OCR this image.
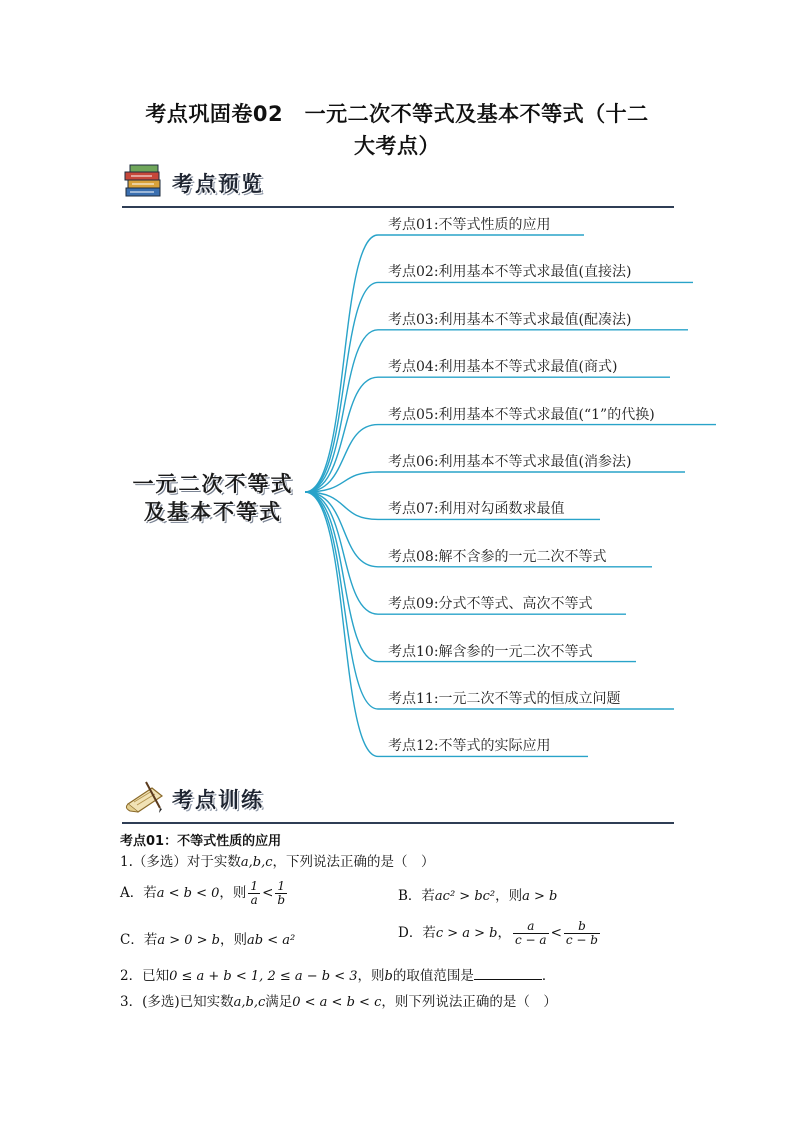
考点巩固卷02　一元二次不等式及基本不等式（十二
大考点）
考点预览
一元二次不等式
及基本不等式
考点01:不等式性质的应用
考点02:利用基本不等式求最值(直接法)
考点03:利用基本不等式求最值(配凑法)
考点04:利用基本不等式求最值(商式)
考点05:利用基本不等式求最值(“1”的代换)
考点06:利用基本不等式求最值(消参法)
考点07:利用对勾函数求最值
考点08:解不含参的一元二次不等式
考点09:分式不等式、高次不等式
考点10:解含参的一元二次不等式
考点11:一元二次不等式的恒成立问题
考点12:不等式的实际应用
考点训练
考点01：不等式性质的应用
1.（多选）对于实数a,b,c，下列说法正确的是（　）
A．若a < b < 0，则 $\frac{1}{a} < \frac{1}{b}$	B．若ac² > bc²，则a > b
C．若a > 0 > b，则ab < a²	D．若c > a > b， $\frac{a}{c - a} < \frac{b}{c - b}$
2．已知0 ≤ a + b < 1, 2 ≤ a − b < 3，则b的取值范围是	．
3．(多选)已知实数a,b,c满足0 < a < b < c，则下列说法正确的是（　）
